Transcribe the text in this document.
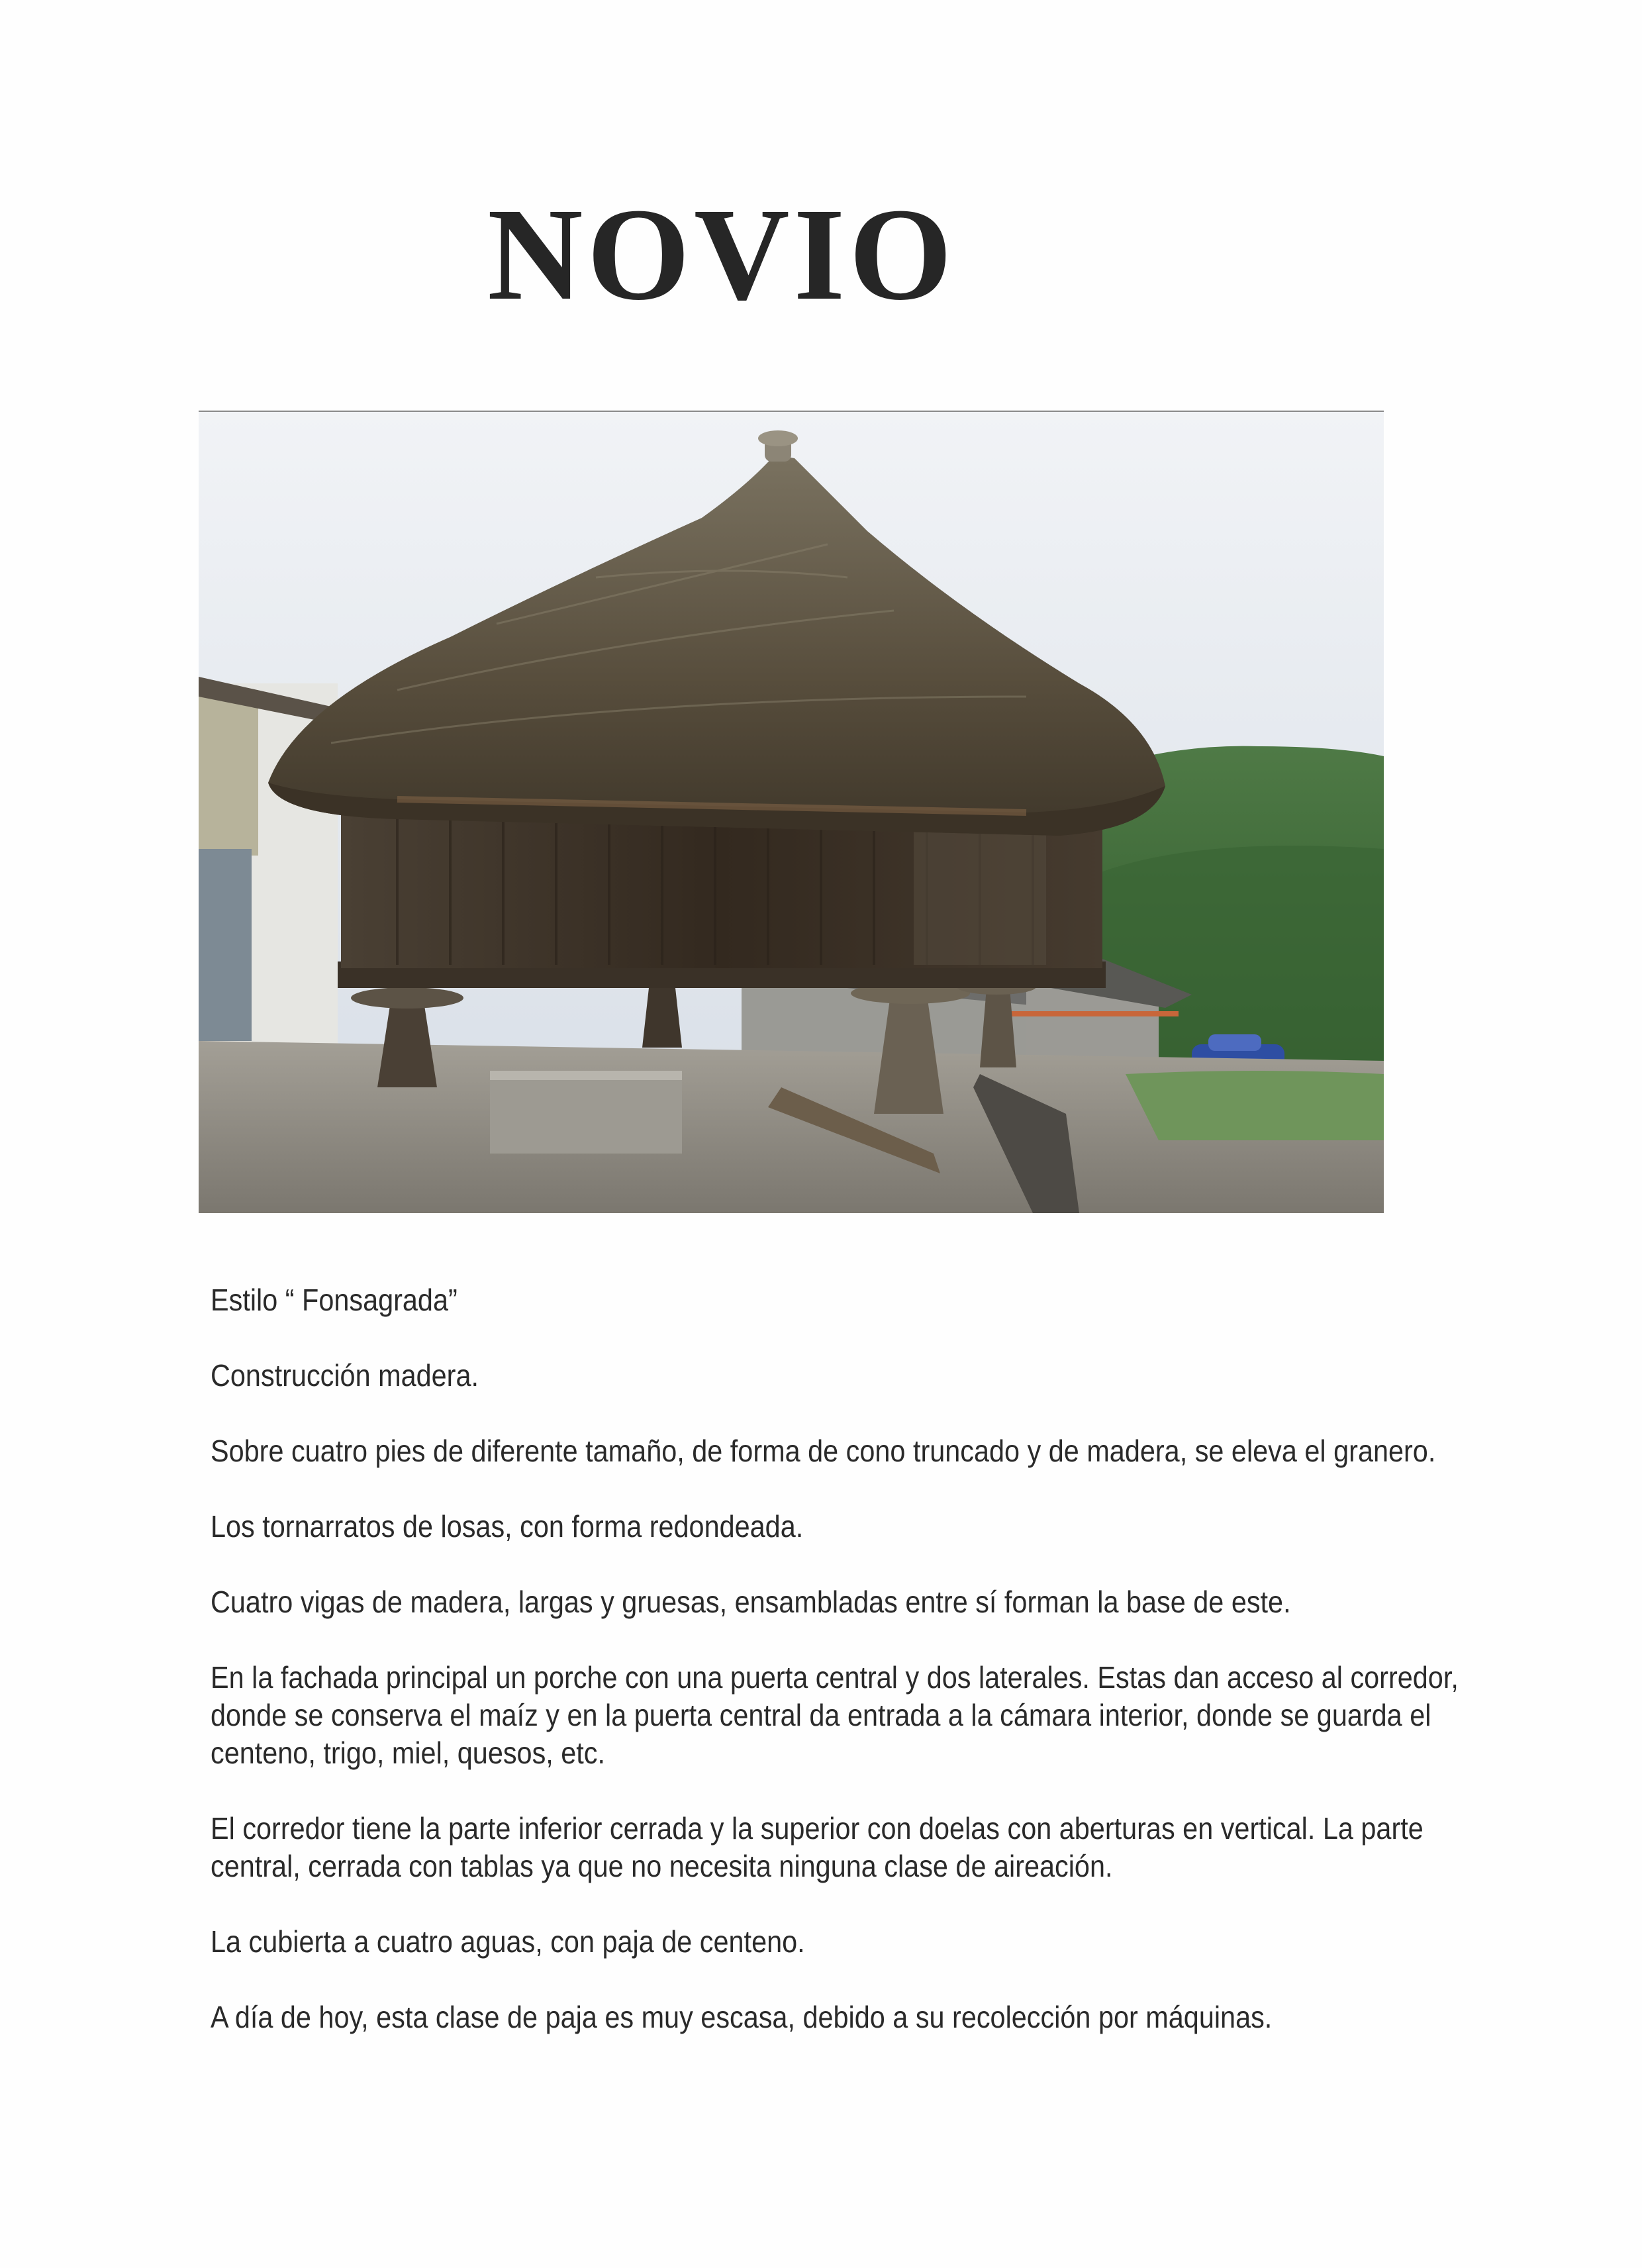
NOVIO

Estilo “ Fonsagrada”

Construcción madera.

Sobre cuatro pies de diferente tamaño, de forma de cono truncado y de madera, se eleva el granero.

Los tornarratos de losas, con forma redondeada.

Cuatro vigas de madera, largas y gruesas, ensambladas entre sí forman la base de este.

En la fachada principal un porche con una puerta central y dos laterales. Estas dan acceso al corredor, donde se conserva el maíz y en la puerta central da entrada a la cámara interior, donde se guarda el centeno, trigo, miel, quesos, etc.

El corredor tiene la parte inferior cerrada y la superior con doelas con aberturas en vertical. La parte central, cerrada con tablas ya que no necesita ninguna clase de aireación.

La cubierta a cuatro aguas, con paja de centeno.

A día de hoy, esta clase de paja es muy escasa, debido a su recolección por máquinas.
